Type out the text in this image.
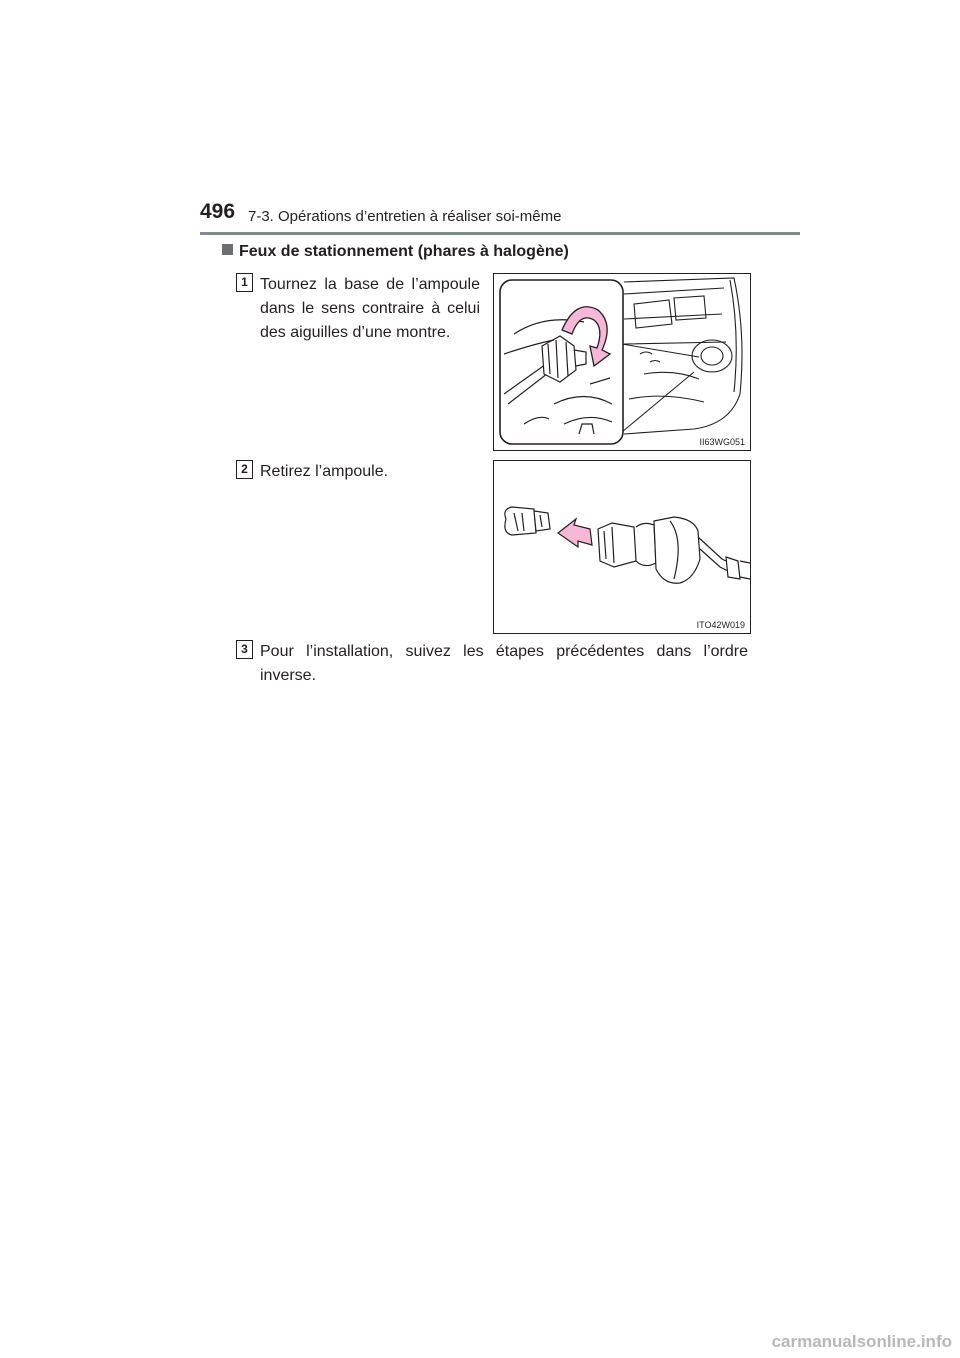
496 7-3. Opérations d’entretien à réaliser soi-même
Feux de stationnement (phares à halogène)
1 Tournez la base de l’ampoule
dans le sens contraire à celui
des aiguilles d’une montre.
II63WG051
2 Retirez l’ampoule.
ITO42W019
3 Pour l’installation, suivez les étapes précédentes dans l’ordre
inverse.
carmanualsonline.info
